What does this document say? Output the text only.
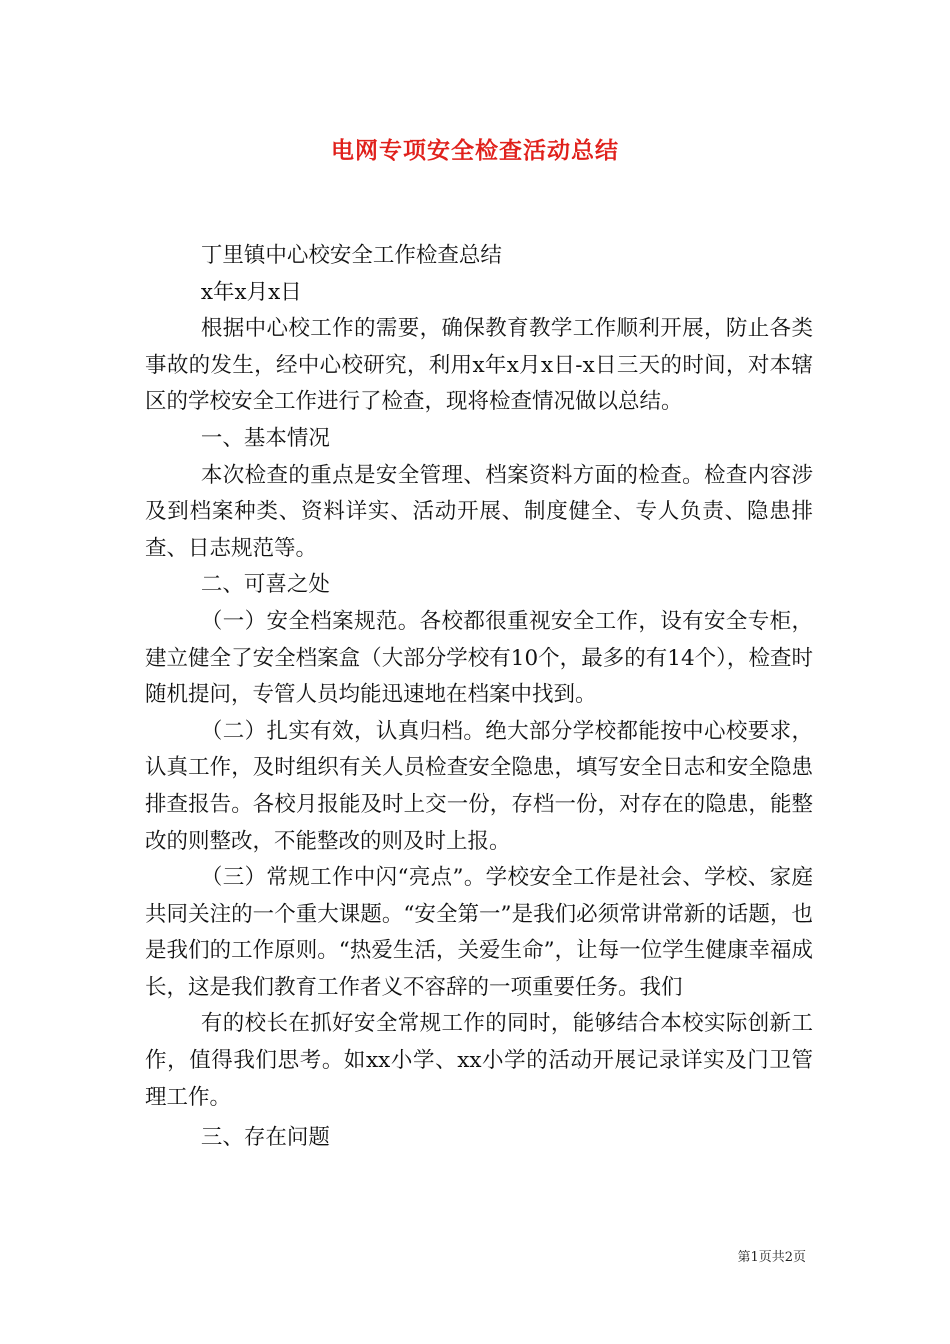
电网专项安全检查活动总结

丁里镇中心校安全工作检查总结

x年x月x日

根据中心校工作的需要，确保教育教学工作顺利开展，防止各类事故的发生，经中心校研究，利用x年x月x日-x日三天的时间，对本辖区的学校安全工作进行了检查，现将检查情况做以总结。

一、基本情况

本次检查的重点是安全管理、档案资料方面的检查。检查内容涉及到档案种类、资料详实、活动开展、制度健全、专人负责、隐患排查、日志规范等。

二、可喜之处

（一）安全档案规范。各校都很重视安全工作，设有安全专柜，建立健全了安全档案盒（大部分学校有10个，最多的有14个），检查时随机提问，专管人员均能迅速地在档案中找到。

（二）扎实有效，认真归档。绝大部分学校都能按中心校要求，认真工作，及时组织有关人员检查安全隐患，填写安全日志和安全隐患排查报告。各校月报能及时上交一份，存档一份，对存在的隐患，能整改的则整改，不能整改的则及时上报。

（三）常规工作中闪“亮点”。学校安全工作是社会、学校、家庭共同关注的一个重大课题。“安全第一”是我们必须常讲常新的话题，也是我们的工作原则。“热爱生活，关爱生命”，让每一位学生健康幸福成长，这是我们教育工作者义不容辞的一项重要任务。我们

有的校长在抓好安全常规工作的同时，能够结合本校实际创新工作，值得我们思考。如xx小学、xx小学的活动开展记录详实及门卫管理工作。

三、存在问题

第1页共2页
